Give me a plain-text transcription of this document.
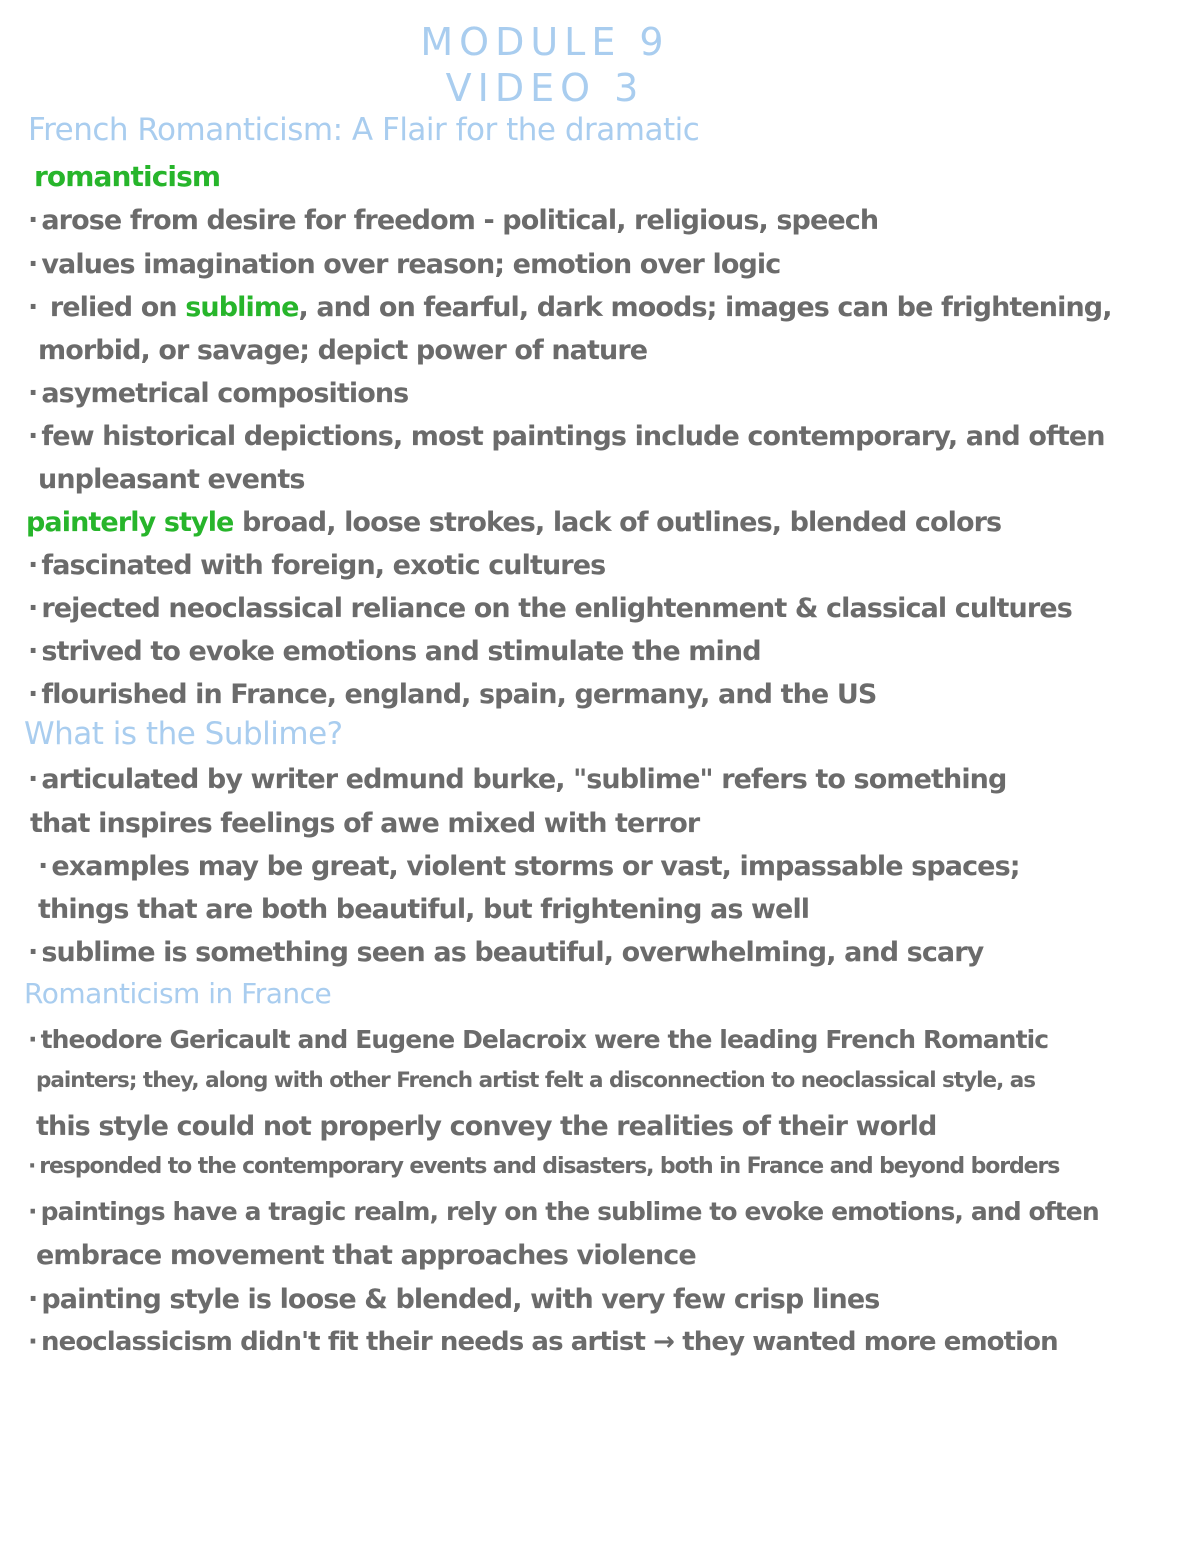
MODULE 9
VIDEO 3
French Romanticism: A Flair for the dramatic
romanticism
· arose from desire for freedom - political, religious, speech
· values imagination over reason; emotion over logic
· relied on sublime, and on fearful, dark moods; images can be frightening,
morbid, or savage; depict power of nature
· asymetrical compositions
· few historical depictions, most paintings include contemporary, and often
unpleasant events
painterly style broad, loose strokes, lack of outlines, blended colors
· fascinated with foreign, exotic cultures
· rejected neoclassical reliance on the enlightenment & classical cultures
· strived to evoke emotions and stimulate the mind
· flourished in France, england, spain, germany, and the US
What is the Sublime?
· articulated by writer edmund burke, "sublime" refers to something
that inspires feelings of awe mixed with terror
· examples may be great, violent storms or vast, impassable spaces;
things that are both beautiful, but frightening as well
· sublime is something seen as beautiful, overwhelming, and scary
Romanticism in France
· theodore Gericault and Eugene Delacroix were the leading French Romantic
painters; they, along with other French artist felt a disconnection to neoclassical style, as
this style could not properly convey the realities of their world
· responded to the contemporary events and disasters, both in France and beyond borders
· paintings have a tragic realm, rely on the sublime to evoke emotions, and often
embrace movement that approaches violence
· painting style is loose & blended, with very few crisp lines
· neoclassicism didn't fit their needs as artist → they wanted more emotion
